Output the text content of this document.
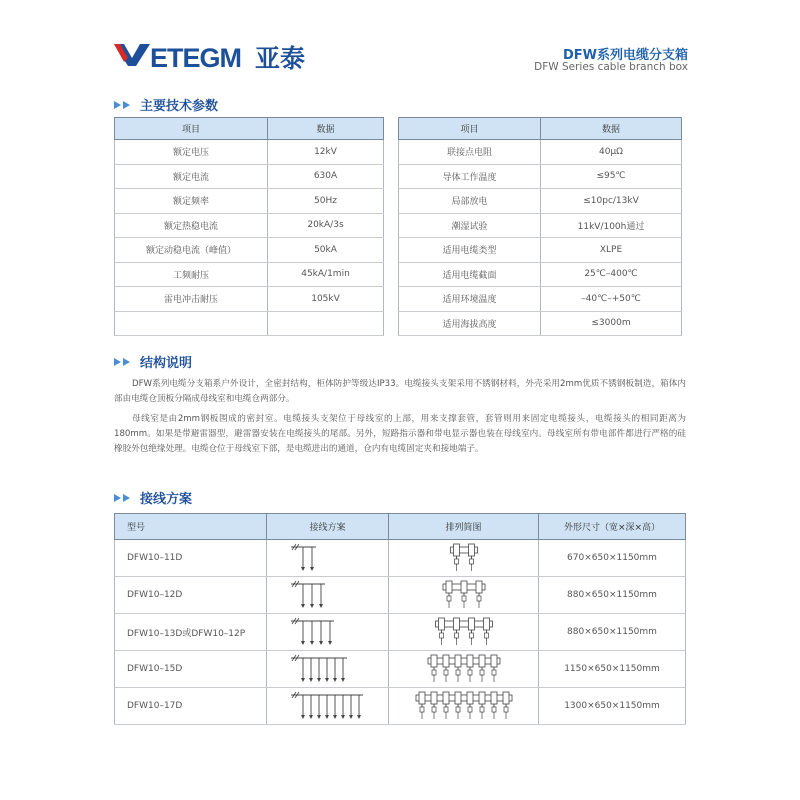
ETEGM 亚泰	DFW系列电缆分支箱
DFW Series cable branch box
主要技术参数
项目	数据
额定电压	12kV
额定电流	630A
额定频率	50Hz
额定热稳电流	20kA/3s
额定动稳电流（峰值）	50kA
工频耐压	45kA/1min
雷电冲击耐压	105kV

项目	数据
联接点电阻	40μΩ
导体工作温度	≤95℃
局部放电	≤10pc/13kV
潮湿试验	11kV/100h通过
适用电缆类型	XLPE
适用电缆截面	25℃–400℃
适用环境温度	–40℃–+50℃
适用海拔高度	≤3000m
结构说明

DFW系列电缆分支箱系户外设计，全密封结构，柜体防护等级达IP33。电缆接头支架采用不锈钢材料，外壳采用2mm优质不锈钢板制造，箱体内部由电缆仓顶板分隔成母线室和电缆仓两部分。

母线室是由2mm钢板围成的密封室。电缆接头支架位于母线室的上部，用来支撑套管，套管则用来固定电缆接头，电缆接头的相同距离为180mm。如果是带避雷器型，避雷器安装在电缆接头的尾部。另外，短路指示器和带电显示器也装在母线室内。母线室所有带电部件都进行严格的硅橡胶外包绝缘处理。电缆仓位于母线室下部，是电缆进出的通道，仓内有电缆固定夹和接地端子。

接线方案
型号	接线方案	排列简图	外形尺寸（宽×深×高）
DFW10–11D			670×650×1150mm
DFW10–12D			880×650×1150mm
DFW10–13D或DFW10–12P			880×650×1150mm
DFW10–15D			1150×650×1150mm
DFW10–17D			1300×650×1150mm
